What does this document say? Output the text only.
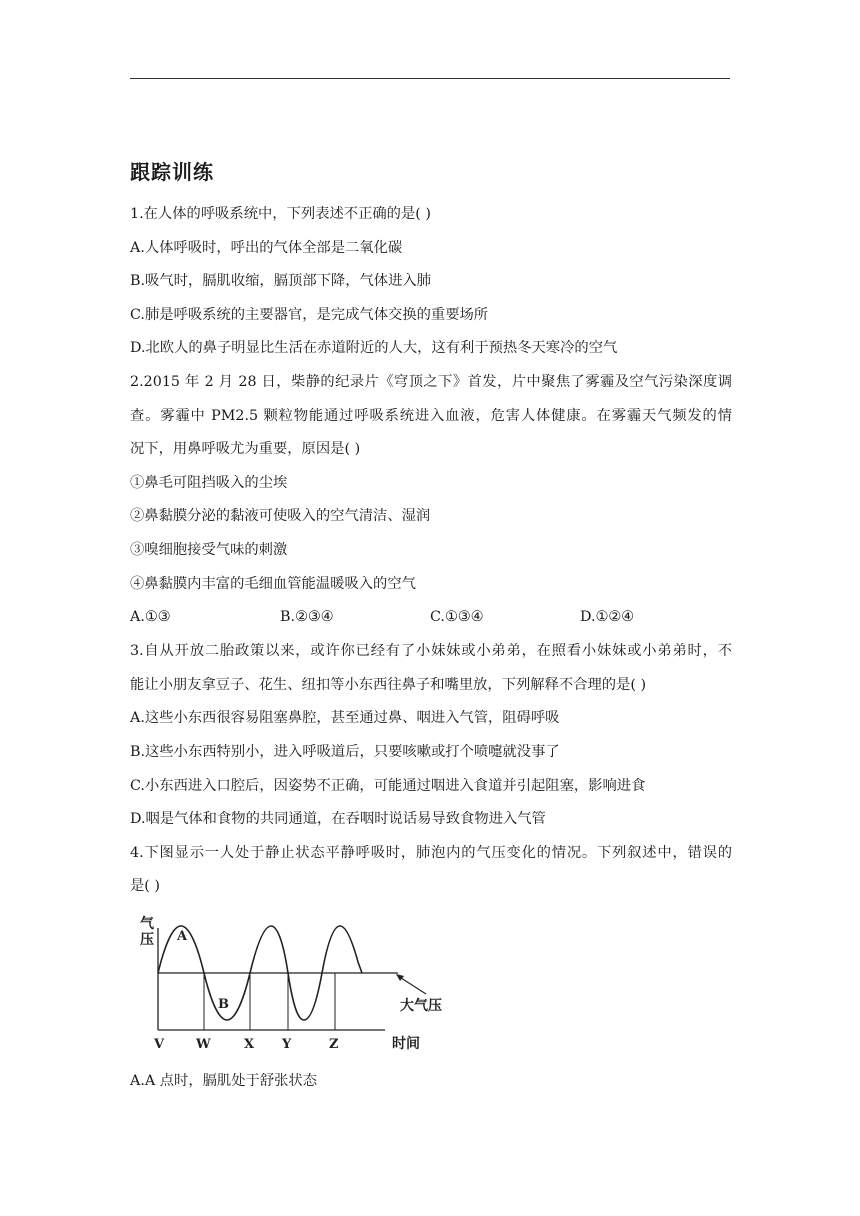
跟踪训练
1.在人体的呼吸系统中，下列表述不正确的是( )
A.人体呼吸时，呼出的气体全部是二氧化碳
B.吸气时，膈肌收缩，膈顶部下降，气体进入肺
C.肺是呼吸系统的主要器官，是完成气体交换的重要场所
D.北欧人的鼻子明显比生活在赤道附近的人大，这有利于预热冬天寒冷的空气
2.2015 年 2 月 28 日，柴静的纪录片《穹顶之下》首发，片中聚焦了雾霾及空气污染深度调
查。雾霾中 PM2.5 颗粒物能通过呼吸系统进入血液，危害人体健康。在雾霾天气频发的情
况下，用鼻呼吸尤为重要，原因是( )
①鼻毛可阻挡吸入的尘埃
②鼻黏膜分泌的黏液可使吸入的空气清洁、湿润
③嗅细胞接受气味的刺激
④鼻黏膜内丰富的毛细血管能温暖吸入的空气
A.①③	B.②③④	C.①③④	D.①②④
3.自从开放二胎政策以来，或许你已经有了小妹妹或小弟弟，在照看小妹妹或小弟弟时，不
能让小朋友拿豆子、花生、纽扣等小东西往鼻子和嘴里放，下列解释不合理的是( )
A.这些小东西很容易阻塞鼻腔，甚至通过鼻、咽进入气管，阻碍呼吸
B.这些小东西特别小，进入呼吸道后，只要咳嗽或打个喷嚏就没事了
C.小东西进入口腔后，因姿势不正确，可能通过咽进入食道并引起阻塞，影响进食
D.咽是气体和食物的共同通道，在吞咽时说话易导致食物进入气管
4.下图显示一人处于静止状态平静呼吸时，肺泡内的气压变化的情况。下列叙述中，错误的
是( )
气
压 A
B	大气压
V W	X Y	Z	时间
A.A 点时，膈肌处于舒张状态
